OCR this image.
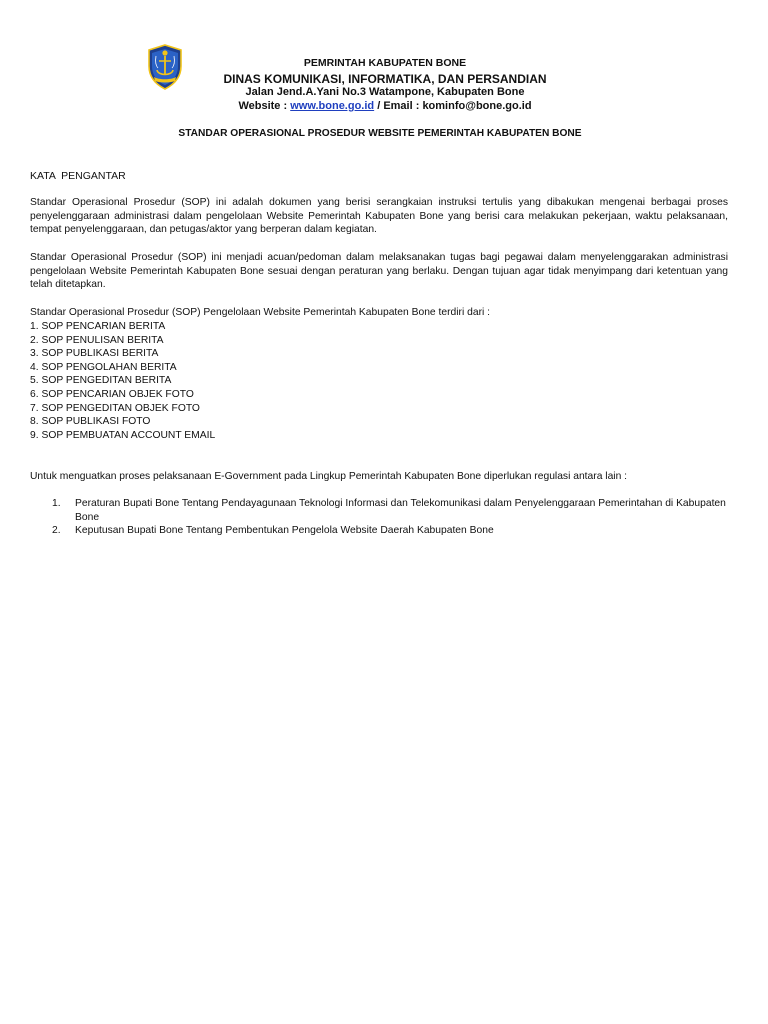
PEMRINTAH KABUPATEN BONE
DINAS KOMUNIKASI, INFORMATIKA, DAN PERSANDIAN
Jalan Jend.A.Yani No.3 Watampone, Kabupaten Bone
Website : www.bone.go.id / Email : kominfo@bone.go.id
STANDAR OPERASIONAL PROSEDUR WEBSITE PEMERINTAH KABUPATEN BONE
KATA  PENGANTAR
Standar Operasional Prosedur (SOP) ini adalah dokumen yang berisi serangkaian instruksi tertulis yang dibakukan mengenai berbagai proses penyelenggaraan administrasi dalam pengelolaan Website Pemerintah Kabupaten Bone yang berisi cara melakukan pekerjaan, waktu pelaksanaan, tempat penyelenggaraan, dan petugas/aktor yang berperan dalam kegiatan.
Standar Operasional Prosedur (SOP) ini menjadi acuan/pedoman dalam melaksanakan tugas bagi pegawai dalam menyelenggarakan administrasi pengelolaan Website Pemerintah Kabupaten Bone sesuai dengan peraturan yang berlaku. Dengan tujuan agar tidak menyimpang dari ketentuan yang telah ditetapkan.
Standar Operasional Prosedur (SOP) Pengelolaan Website Pemerintah Kabupaten Bone terdiri dari :
1. SOP PENCARIAN BERITA
2. SOP PENULISAN BERITA
3. SOP PUBLIKASI BERITA
4. SOP PENGOLAHAN BERITA
5. SOP PENGEDITAN BERITA
6. SOP PENCARIAN OBJEK FOTO
7. SOP PENGEDITAN OBJEK FOTO
8. SOP PUBLIKASI FOTO
9. SOP PEMBUATAN ACCOUNT EMAIL
Untuk menguatkan proses pelaksanaan E-Government pada Lingkup Pemerintah Kabupaten Bone diperlukan regulasi antara lain :
1. Peraturan Bupati Bone Tentang Pendayagunaan Teknologi Informasi dan Telekomunikasi dalam Penyelenggaraan Pemerintahan di Kabupaten Bone
2. Keputusan Bupati Bone Tentang Pembentukan Pengelola Website Daerah Kabupaten Bone
